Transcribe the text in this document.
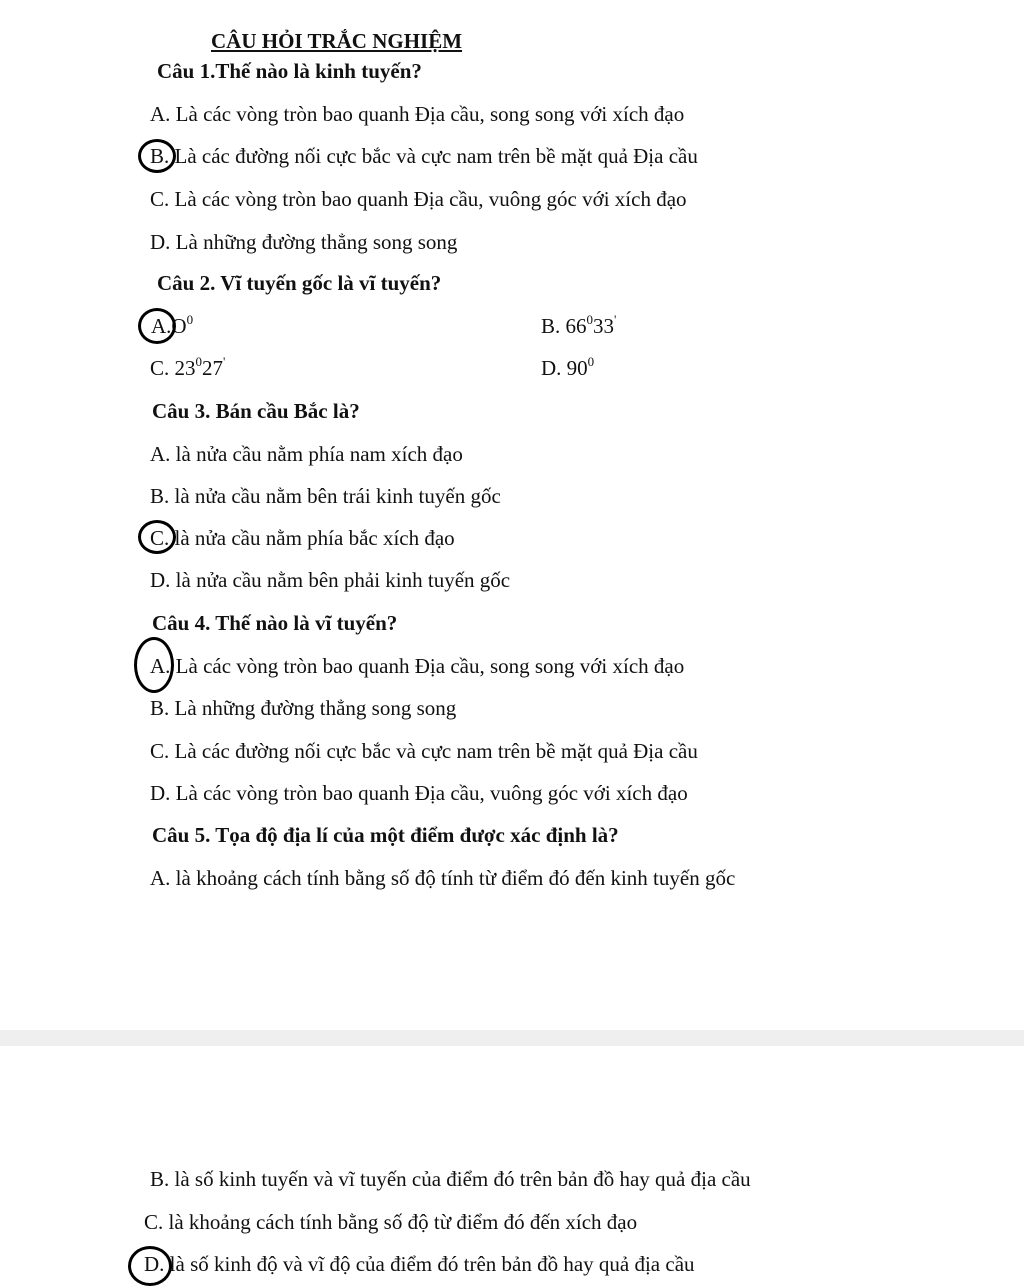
CÂU HỎI TRẮC NGHIỆM
Câu 1.Thế nào là kinh tuyến?
A. Là các vòng tròn bao quanh Địa cầu, song song với xích đạo
B. Là các đường nối cực bắc và cực nam trên bề mặt quả Địa cầu
C. Là các vòng tròn bao quanh Địa cầu, vuông góc với xích đạo
D. Là những đường thẳng song song
Câu 2. Vĩ tuyến gốc là vĩ tuyến?
$A.O^0$	B. $66^033'$
C. $23^027'$	D. $90^0$
Câu 3. Bán cầu Bắc là?
A. là nửa cầu nằm phía nam xích đạo
B. là nửa cầu nằm bên trái kinh tuyến gốc
C. là nửa cầu nằm phía bắc xích đạo
D. là nửa cầu nằm bên phải kinh tuyến gốc
Câu 4. Thế nào là vĩ tuyến?
A. Là các vòng tròn bao quanh Địa cầu, song song với xích đạo
B. Là những đường thẳng song song
C. Là các đường nối cực bắc và cực nam trên bề mặt quả Địa cầu
D. Là các vòng tròn bao quanh Địa cầu, vuông góc với xích đạo
Câu 5. Tọa độ địa lí của một điểm được xác định là?
A. là khoảng cách tính bằng số độ tính từ điểm đó đến kinh tuyến gốc
B. là số kinh tuyến và vĩ tuyến của điểm đó trên bản đồ hay quả địa cầu
C. là khoảng cách tính bằng số độ từ điểm đó đến xích đạo
D. là số kinh độ và vĩ độ của điểm đó trên bản đồ hay quả địa cầu
